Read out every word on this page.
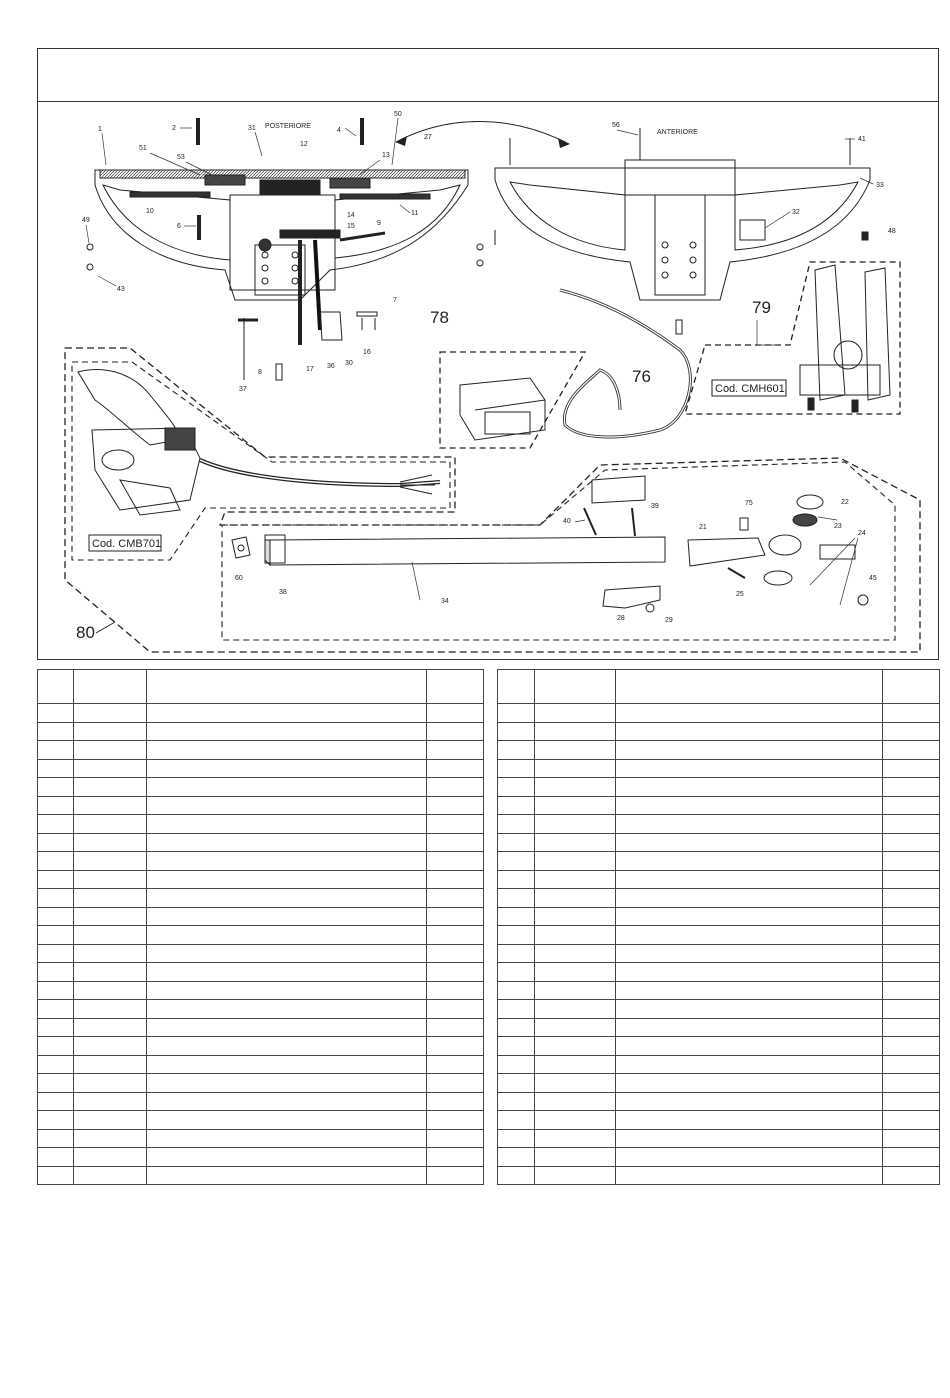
Cod. CMB701
Cod. CMH601
POSTERIORE
ANTERIORE
78
76
79
80
1	2	31
12
4
50
27
51
53	13
10	11
14
15	9
49
6
43
7
16
30
36
17
8
37
56
41
33
32
48
75	22
23
21
24
25
45
40
39
60
38
34
28	29
